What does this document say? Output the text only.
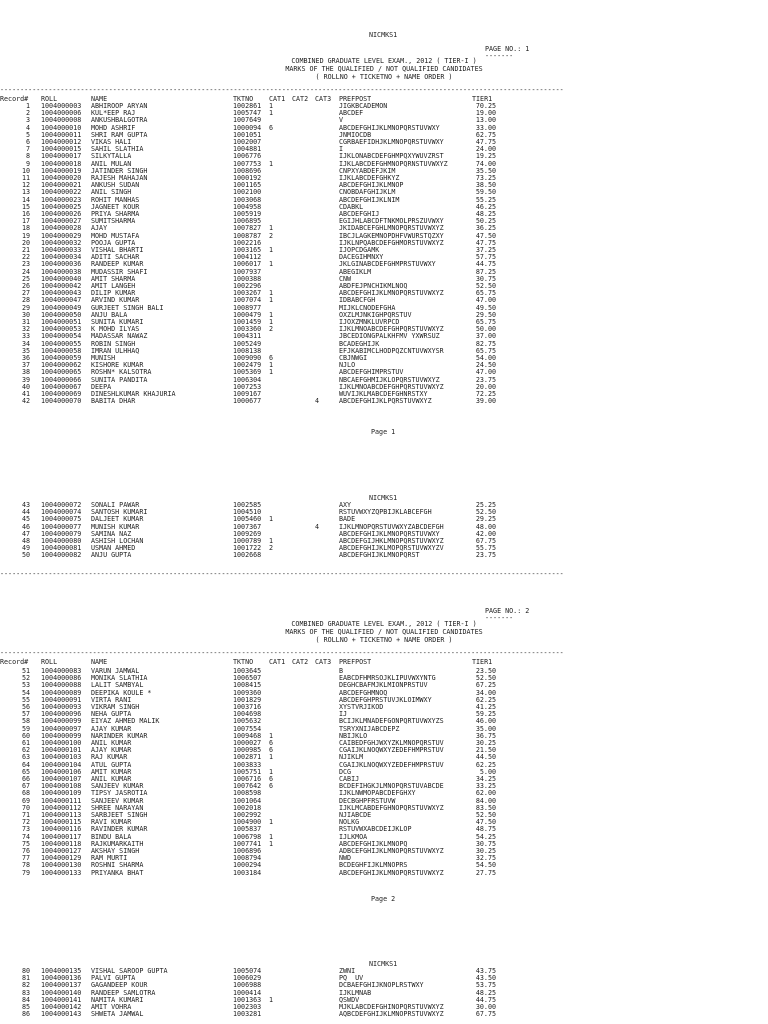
NICMKS1
PAGE NO.: 1
-------
COMBINED GRADUATE LEVEL EXAM., 2012 ( TIER-I )
MARKS OF THE QUALIFIED / NOT QUALIFIED CANDIDATES
( ROLLNO + TICKETNO + NAME ORDER )
--------------------------------------------------------------------------------------------------------------------------------------------
Record# ROLL	NAME	TKTNO CAT1 CAT2 CAT3 PREFPOST	TIER1
1 1004000003 ABHIROOP ARYAN	1002861 1	JIGKBCADEMON	70.25
2 1004000006 KUL*EEP RAJ	1005747 1	ABCDEF	19.00
3 1004000008 ANKUSHBALGOTRA	1007649	V	13.00
4 1004000010 MOHD ASHRIF	1000094 6	ABCDEFGHIJKLMNOPQRSTUVWXY	33.00
5 1004000011 SHRI RAM GUPTA	1001051	JNMIOCDB	62.75
6 1004000012 VIKAS HALI	1002007	CGRBAEFIDHJKLMNOPQRSTUVWXY	47.75
7 1004000015 SAHIL SLATHIA	1004881	I	24.00
8 1004000017 SILKYTALLA	1006776	IJKLONABCDEFGHMPQXYWUVZRST	19.25
9 1004000018 ANIL MULAN	1007753 1	IJKLABCDEFGHMNOPQRNSTUVWXYZ	74.00
10 1004000019 JATINDER SINGH	1008696	CNPXYABDEFJKIM	35.50
11 1004000020 RAJESH MAHAJAN	1000192	IJKLABCDEFGHKYZ	73.25
12 1004000021 ANKUSH SUDAN	1001165	ABCDEFGHIJKLMNOP	38.50
13 1004000022 ANIL SINGH	1002100	CNOBDAFGHIJKLM	59.50
14 1004000023 ROHIT MANHAS	1003068	ABCDEFGHIJKLNIM	55.25
15 1004000025 JAGNEET KOUR	1004958	CDABKL	46.25
16 1004000026 PRIYA SHARMA	1005919	ABCDEFGHIJ	48.25
17 1004000027 SUMITSHARMA	1006895	EGIJHLABCDFTNKMOLPRSZUVWXY	50.25
18 1004000028 AJAY	1007827 1	JKIDABCEFGHLMNOPQRSTUVWXYZ	36.25
19 1004000029 MOHD MUSTAFA	1008787 2	IBCJLAGKEMNOPDHFVWURSTQZXY	47.50
20 1004000032 POOJA GUPTA	1002216	IJKLNPQABCDEFGHMORSTUVWXYZ	47.75
21 1004000033 VISHAL BHARTI	1003165 1	IJOPCDGAMK	37.25
22 1004000034 ADITI SACHAR	1004112	DACEGIHMNXY	57.75
23 1004000036 RANDEEP KUMAR	1006017 1	JKLGINABCDEFGHMPRSTUVWXY	44.75
24 1004000038 MUDASSIR SHAFI	1007937	ABEGIKLM	87.25
25 1004000040 AMIT SHARMA	1000388	CNW	30.75
26 1004000042 AMIT LANGEH	1002296	ABDFEJPNCHIKMLNOQ	52.50
27 1004000043 DILIP KUMAR	1003267 1	ABCDEFGHIJKLMNOPQRSTUVWXYZ	65.75
28 1004000047 ARVIND KUMAR	1007074 1	IDBABCFGH	47.00
29 1004000049 GURJEET SINGH BALI	1008977	MIJKLCNODEFGHA	49.50
30 1004000050 ANJU BALA	1000479 1	OXZLMJNKIGHPQRSTUV	29.50
31 1004000051 SUNITA KUMARI	1001459 1	IJOXZMNKLUVRPCD	65.75
32 1004000053 K MOHD ILYAS	1003360 2	IJKLMNOABCDEFGHPQRSTUVWXYZ	50.00
33 1004000054 MADASSAR NAWAZ	1004311	JBCEDIONGPALKHFMV YXWRSUZ	37.00
34 1004000055 ROBIN SINGH	1005249	BCADEGHIJK	82.75
35 1004000058 IMRAN ULHHAQ	1008138	EFJKABIMCLHODPQZCNTUVWXYSR	65.75
36 1004000059 MUNISH	1009090 6	CBJNWGI	54.00
37 1004000062 KISHORE KUMAR	1002479 1	NJLO	24.50
38 1004000065 ROSHN* KALSOTRA	1005369 1	ABCDEFGHIMPRSTUV	47.00
39 1004000066 SUNITA PANDITA	1006304	NBCAEFGHMIJKLOPQRSTUVWXYZ	23.75
40 1004000067 DEEPA	1007253	IJKLMNOABCDEFGHPQRSTUVWXYZ	20.00
41 1004000069 DINESHLKUMAR KHAJURIA	1009167	WUVIJKLMABCDEFGHNRSTXY	72.25
42 1004000070 BABITA DHAR	1000677	4	ABCDEFGHIJKLPQRSTUVWXYZ	39.00
Page 1
NICMKS1
43 1004000072 SONALI PAWAR	1002585	AXY	25.25
44 1004000074 SANTOSH KUMARI	1004510	RSTUVWXYZQPBIJKLABCEFGH	52.50
45 1004000075 DALJEET KUMAR	1005460 1	BADE	29.25
46 1004000077 MUNISH KUMAR	1007367	4	IJKLMNOPQRSTUVWXYZABCDEFGH	48.00
47 1004000079 SAMINA NAZ	1009269	ABCDEFGHIJKLMNOPQRSTUVWXY	42.00
48 1004000080 ASHISH LOCHAN	1000789 1	ABCDEFGIJHKLMNOPQRSTUVWXYZ	67.75
49 1004000081 USMAN AHMED	1001722 2	ABCDEFGHIJKLMOPQRSTUVWXYZV	55.75
50 1004000082 ANJU GUPTA	1002668	ABCDEFGHIJKLMNOPQRST	23.75
--------------------------------------------------------------------------------------------------------------------------------------------
PAGE NO.: 2
-------
COMBINED GRADUATE LEVEL EXAM., 2012 ( TIER-I )
MARKS OF THE QUALIFIED / NOT QUALIFIED CANDIDATES
( ROLLNO + TICKETNO + NAME ORDER )
--------------------------------------------------------------------------------------------------------------------------------------------
Record# ROLL	NAME	TKTNO CAT1 CAT2 CAT3 PREFPOST	TIER1
51 1004000083 VARUN JAMWAL	1003645	B	23.50
52 1004000086 MONIKA SLATHIA	1006507	EABCDFHMRSOJKLIPUVWXYNTG	52.50
53 1004000088 LALIT SAMBYAL	1008415	DEGHCBAFMJKLMIONPRSTUV	67.25
54 1004000089 DEEPIKA KOULE *	1009360	ABCDEFGHMNOQ	34.00
55 1004000091 VIRTA RANI	1001829	ABCDEFGHPRSTUVJKLOIMWXY	62.25
56 1004000093 VIKRAM SINGH	1003716	XYSTVRJIKOD	41.25
57 1004000096 NEHA GUPTA	1004698	IJ	59.25
58 1004000099 EIYAZ AHMED MALIK	1005632	BCIJKLMNADEFGONPQRTUVWXYZS	46.00
59 1004000097 AJAY KUMAR	1007554	TSRYXNIJABCDEPZ	35.00
60 1004000099 NARINDER KUMAR	1009468 1	NBIJKLO	36.75
61 1004000100 ANIL KUMAR	1000027 6	CAIBEDFGHJWXYZKLMNOPQRSTUV	30.25
62 1004000101 AJAY KUMAR	1000985 6	CGAIJKLNOQWXYZEDEFHMPRSTUV	21.50
63 1004000103 RAJ KUMAR	1002871 1	NJIKLM	44.50
64 1004000104 ATUL GUPTA	1003833	CGAIJKLNOQWXYZEDEFHMPRSTUV	62.25
65 1004000106 AMIT KUMAR	1005751 1	DCG	5.00
66 1004000107 ANIL KUMAR	1006716 6	CABIJ	34.25
67 1004000108 SANJEEV KUMAR	1007642 6	BCDEFIHGKJLMNOPQRSTUVABCDE	33.25
68 1004000109 TIPSY JASROTIA	1008598	IJKLNWMOPABCDEFGHXY	62.00
69 1004000111 SANJEEV KUMAR	1001064	DECBGHPFRSTUVW	84.00
70 1004000112 SHREE NARAYAN	1002018	IJKLMCABDEFGHNOPQRSTUVWXYZ	83.50
71 1004000113 SARBJEET SINGH	1002992	NJIABCDE	52.50
72 1004000115 RAVI KUMAR	1004900 1	NOLKG	47.50
73 1004000116 RAVINDER KUMAR	1005837	RSTUVWXABCDEIJKLOP	48.75
74 1004000117 BINDU BALA	1006798 1	IJLKMOA	54.25
75 1004000118 RAJKUMARKAITH	1007741 1	ABCDEFGHIJKLMNOPQ	30.75
76 1004000127 AKSHAY SINGH	1006896	ADBCEFGHIJKLMNOPQRSTUVWXYZ	30.25
77 1004000129 RAM MURTI	1008794	NWD	32.75
78 1004000130 ROSHNI SHARMA	1000294	BCDEGHFIJKLMNOPRS	54.50
79 1004000133 PRIYANKA BHAT	1003184	ABCDEFGHIJKLMNOPQRSTUVWXYZ	27.75
Page 2
NICMKS1
80 1004000135 VISHAL SAROOP GUPTA	1005074	ZWNI	43.75
81 1004000136 PALVI GUPTA	1006029	PQ  UV	43.50
82 1004000137 GAGANDEEP KOUR	1006988	DCBAEFGHIJKNOPLRSTWXY	53.75
83 1004000140 RANDEEP SAMLOTRA	1000414	IJKLMNAB	48.25
84 1004000141 NAMITA KUMARI	1001363 1	QSWDV	44.75
85 1004000142 AMIT VOHRA	1002303	MJKLABCDEFGHINOPQRSTUVWXYZ	30.00
86 1004000143 SHWETA JAMWAL	1003281	AQBCDEFGHIJKLMNOPRSTUVWXYZ	67.75
